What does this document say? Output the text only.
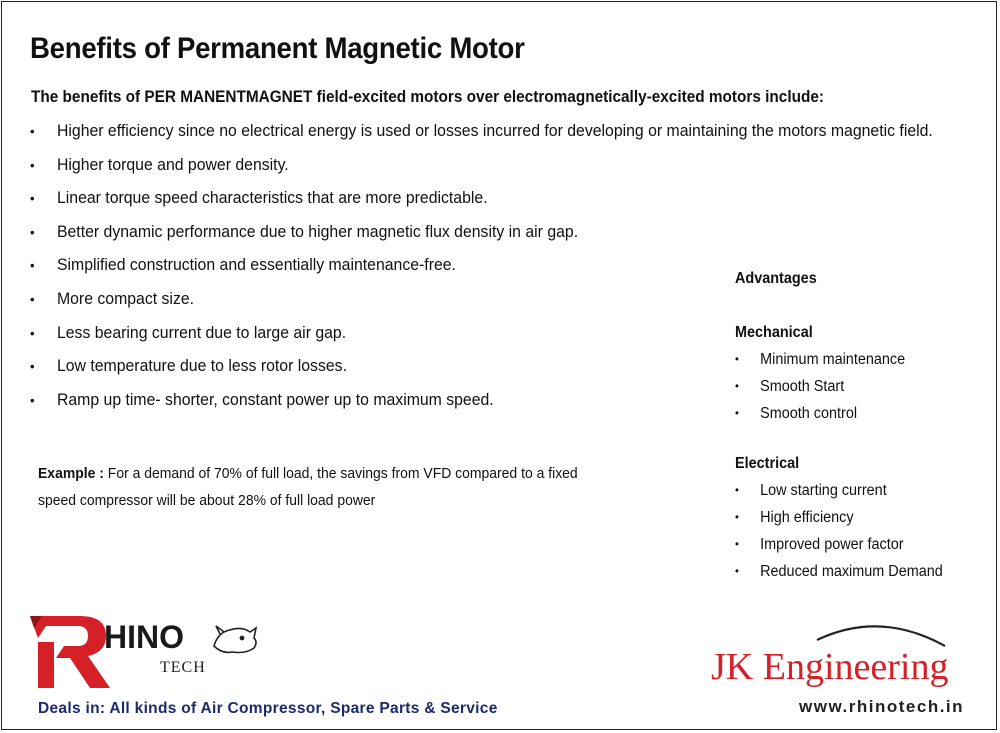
Benefits of Permanent Magnetic Motor

The benefits of PER MANENTMAGNET field-excited motors over electromagnetically-excited motors include:

• Higher efficiency since no electrical energy is used or losses incurred for developing or maintaining the motors magnetic field.
• Higher torque and power density.
• Linear torque speed characteristics that are more predictable.
• Better dynamic performance due to higher magnetic flux density in air gap.
• Simplified construction and essentially maintenance-free.
• More compact size.
• Less bearing current due to large air gap.
• Low temperature due to less rotor losses.
• Ramp up time- shorter, constant power up to maximum speed.

Example : For a demand of 70% of full load, the savings from VFD compared to a fixed speed compressor will be about 28% of full load power

Advantages
Mechanical
• Minimum maintenance
• Smooth Start
• Smooth control
Electrical
• Low starting current
• High efficiency
• Improved power factor
• Reduced maximum Demand
HINO
TECH	JK Engineering

Deals in: All kinds of Air Compressor, Spare Parts & Service	www.rhinotech.in
